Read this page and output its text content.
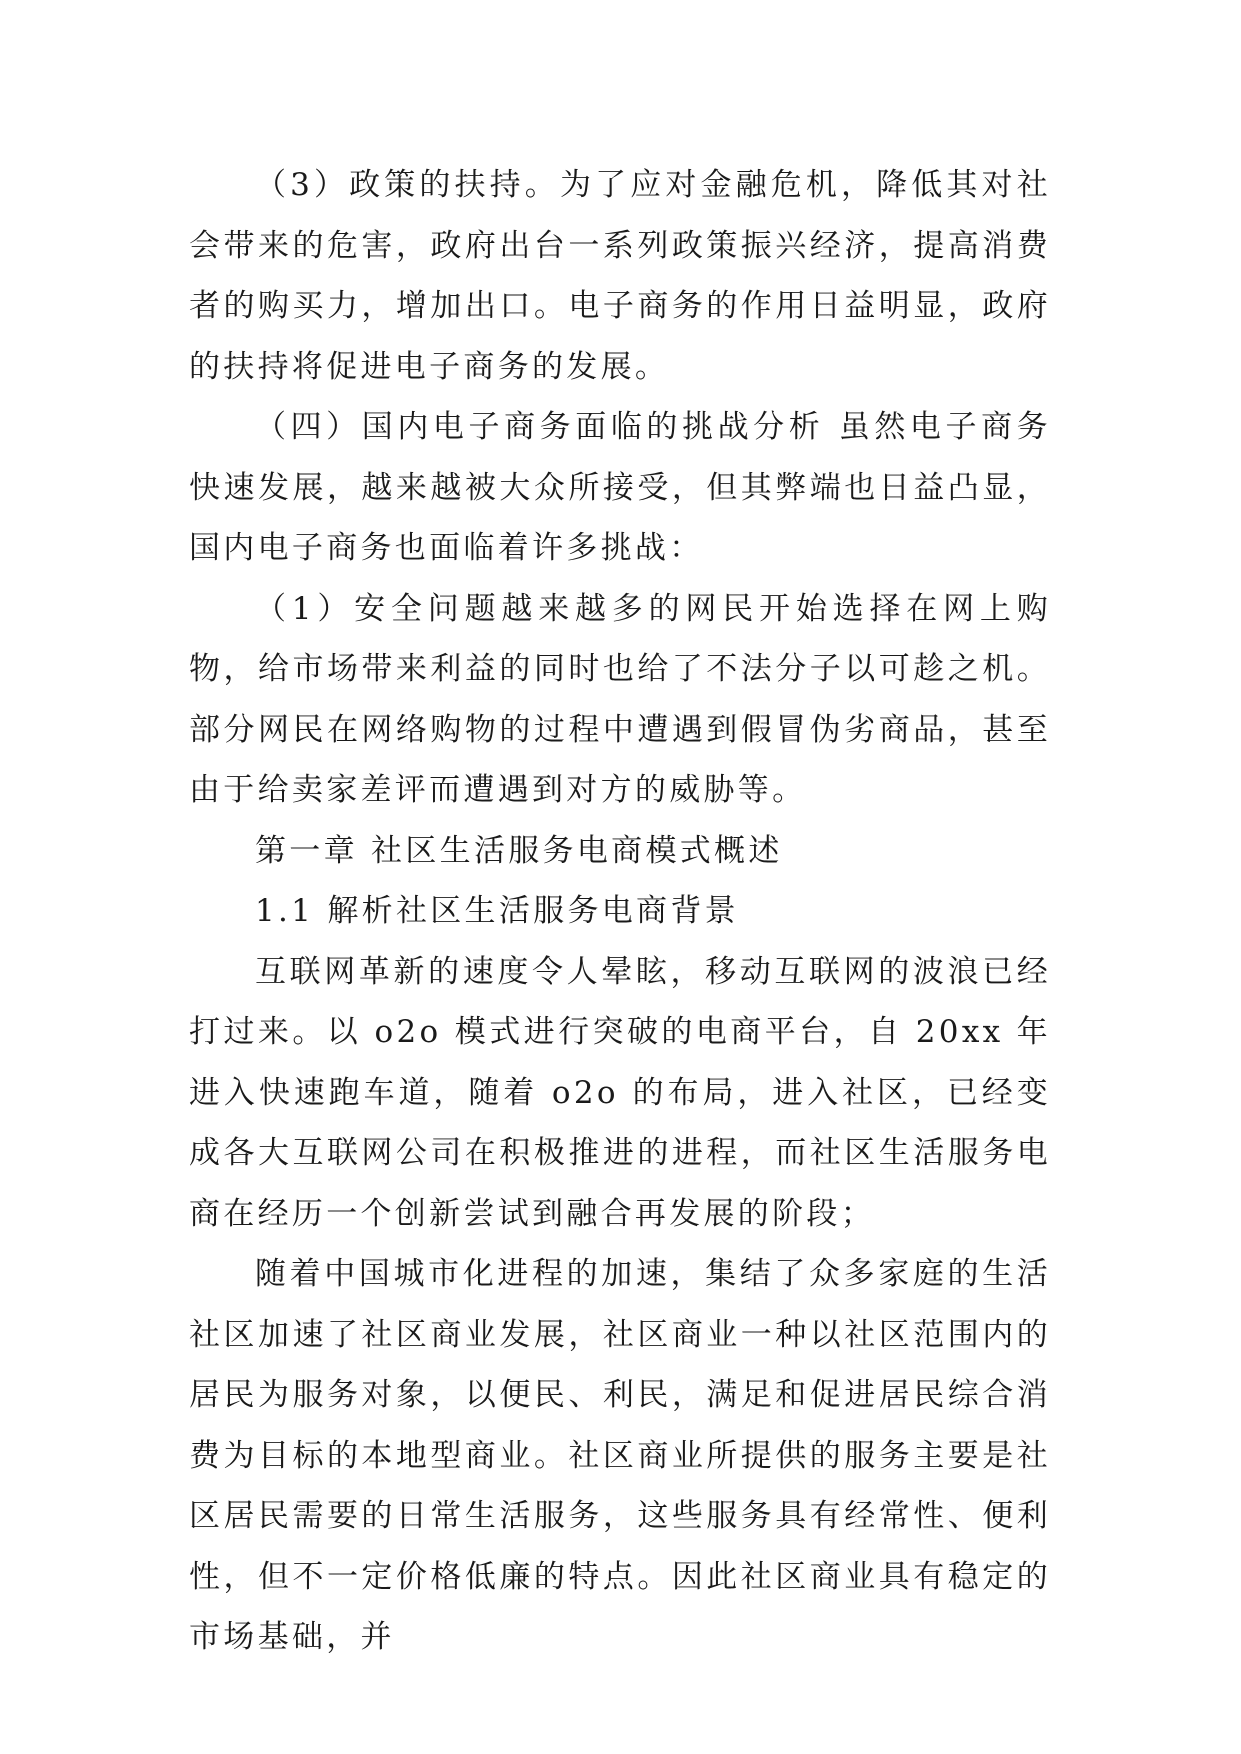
（3）政策的扶持。为了应对金融危机，降低其对社会带来的危害，政府出台一系列政策振兴经济，提高消费者的购买力，增加出口。电子商务的作用日益明显，政府的扶持将促进电子商务的发展。

（四）国内电子商务面临的挑战分析 虽然电子商务快速发展，越来越被大众所接受，但其弊端也日益凸显，国内电子商务也面临着许多挑战：

（1）安全问题越来越多的网民开始选择在网上购物，给市场带来利益的同时也给了不法分子以可趁之机。部分网民在网络购物的过程中遭遇到假冒伪劣商品，甚至由于给卖家差评而遭遇到对方的威胁等。

第一章 社区生活服务电商模式概述

1.1 解析社区生活服务电商背景

互联网革新的速度令人晕眩，移动互联网的波浪已经打过来。以 o2o 模式进行突破的电商平台，自 20xx 年进入快速跑车道，随着 o2o 的布局，进入社区，已经变成各大互联网公司在积极推进的进程，而社区生活服务电商在经历一个创新尝试到融合再发展的阶段；

随着中国城市化进程的加速，集结了众多家庭的生活社区加速了社区商业发展，社区商业一种以社区范围内的居民为服务对象，以便民、利民，满足和促进居民综合消费为目标的本地型商业。社区商业所提供的服务主要是社区居民需要的日常生活服务，这些服务具有经常性、便利性，但不一定价格低廉的特点。因此社区商业具有稳定的市场基础，并
